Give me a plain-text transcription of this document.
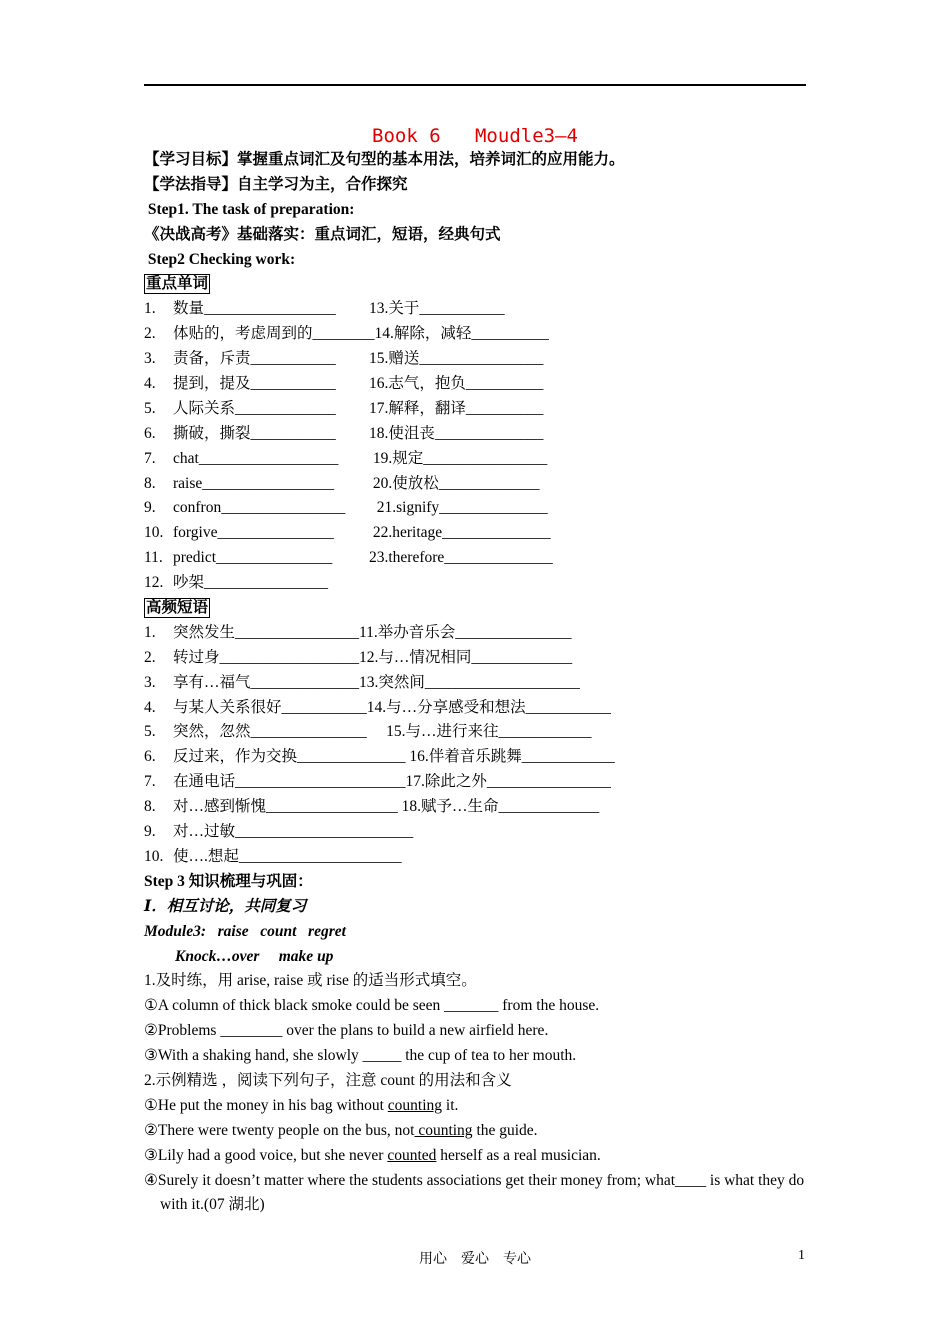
Book 6   Moudle3—4
【学习目标】掌握重点词汇及句型的基本用法，培养词汇的应用能力。
【学法指导】自主学习为主，合作探究
Step1. The task of preparation:
《决战高考》基础落实：重点词汇，短语，经典句式
Step2 Checking work:
重点单词
1. 数量_________________ 13.关于___________
2. 体贴的，考虑周到的________14.解除，减轻__________
3. 责备，斥责___________ 15.赠送________________
4. 提到，提及___________ 16.志气，抱负__________
5. 人际关系_____________ 17.解释，翻译__________
6. 撕破，撕裂___________ 18.使沮丧______________
7. chat__________________ 19.规定________________
8. raise_________________ 20.使放松_____________
9. confron________________  21.signify______________
10. forgive_______________ 22.heritage______________
11. predict_______________ 23.therefore______________
12. 吵架________________
高频短语
1. 突然发生________________11.举办音乐会_______________
2. 转过身__________________12.与…情况相同_____________
3. 享有…福气______________13.突然间____________________
4. 与某人关系很好___________14.与…分享感受和想法___________
5. 突然，忽然_______________     15.与…进行来往____________
6. 反过来，作为交换______________ 16.伴着音乐跳舞____________
7. 在通电话______________________17.除此之外________________
8. 对…感到惭愧_________________ 18.赋予…生命_____________
9. 对…过敏_______________________
10. 使….想起_____________________
Step 3 知识梳理与巩固：
Ⅰ．相互讨论，共同复习
Module3:   raise   count   regret
Knock…over     make up
1.及时练，用 arise, raise 或 rise 的适当形式填空。
①A column of thick black smoke could be seen _______ from the house.
②Problems ________ over the plans to build a new airfield here.
③With a shaking hand, she slowly _____ the cup of tea to her mouth.
2.示例精选 ，阅读下列句子，注意 count 的用法和含义
①He put the money in his bag without counting it.
②There were twenty people on the bus, not counting the guide.
③Lily had a good voice, but she never counted herself as a real musician.
④Surely it doesn’t matter where the students associations get their money from; what____ is what they do with it.(07 湖北)
用心    爱心    专心	1
